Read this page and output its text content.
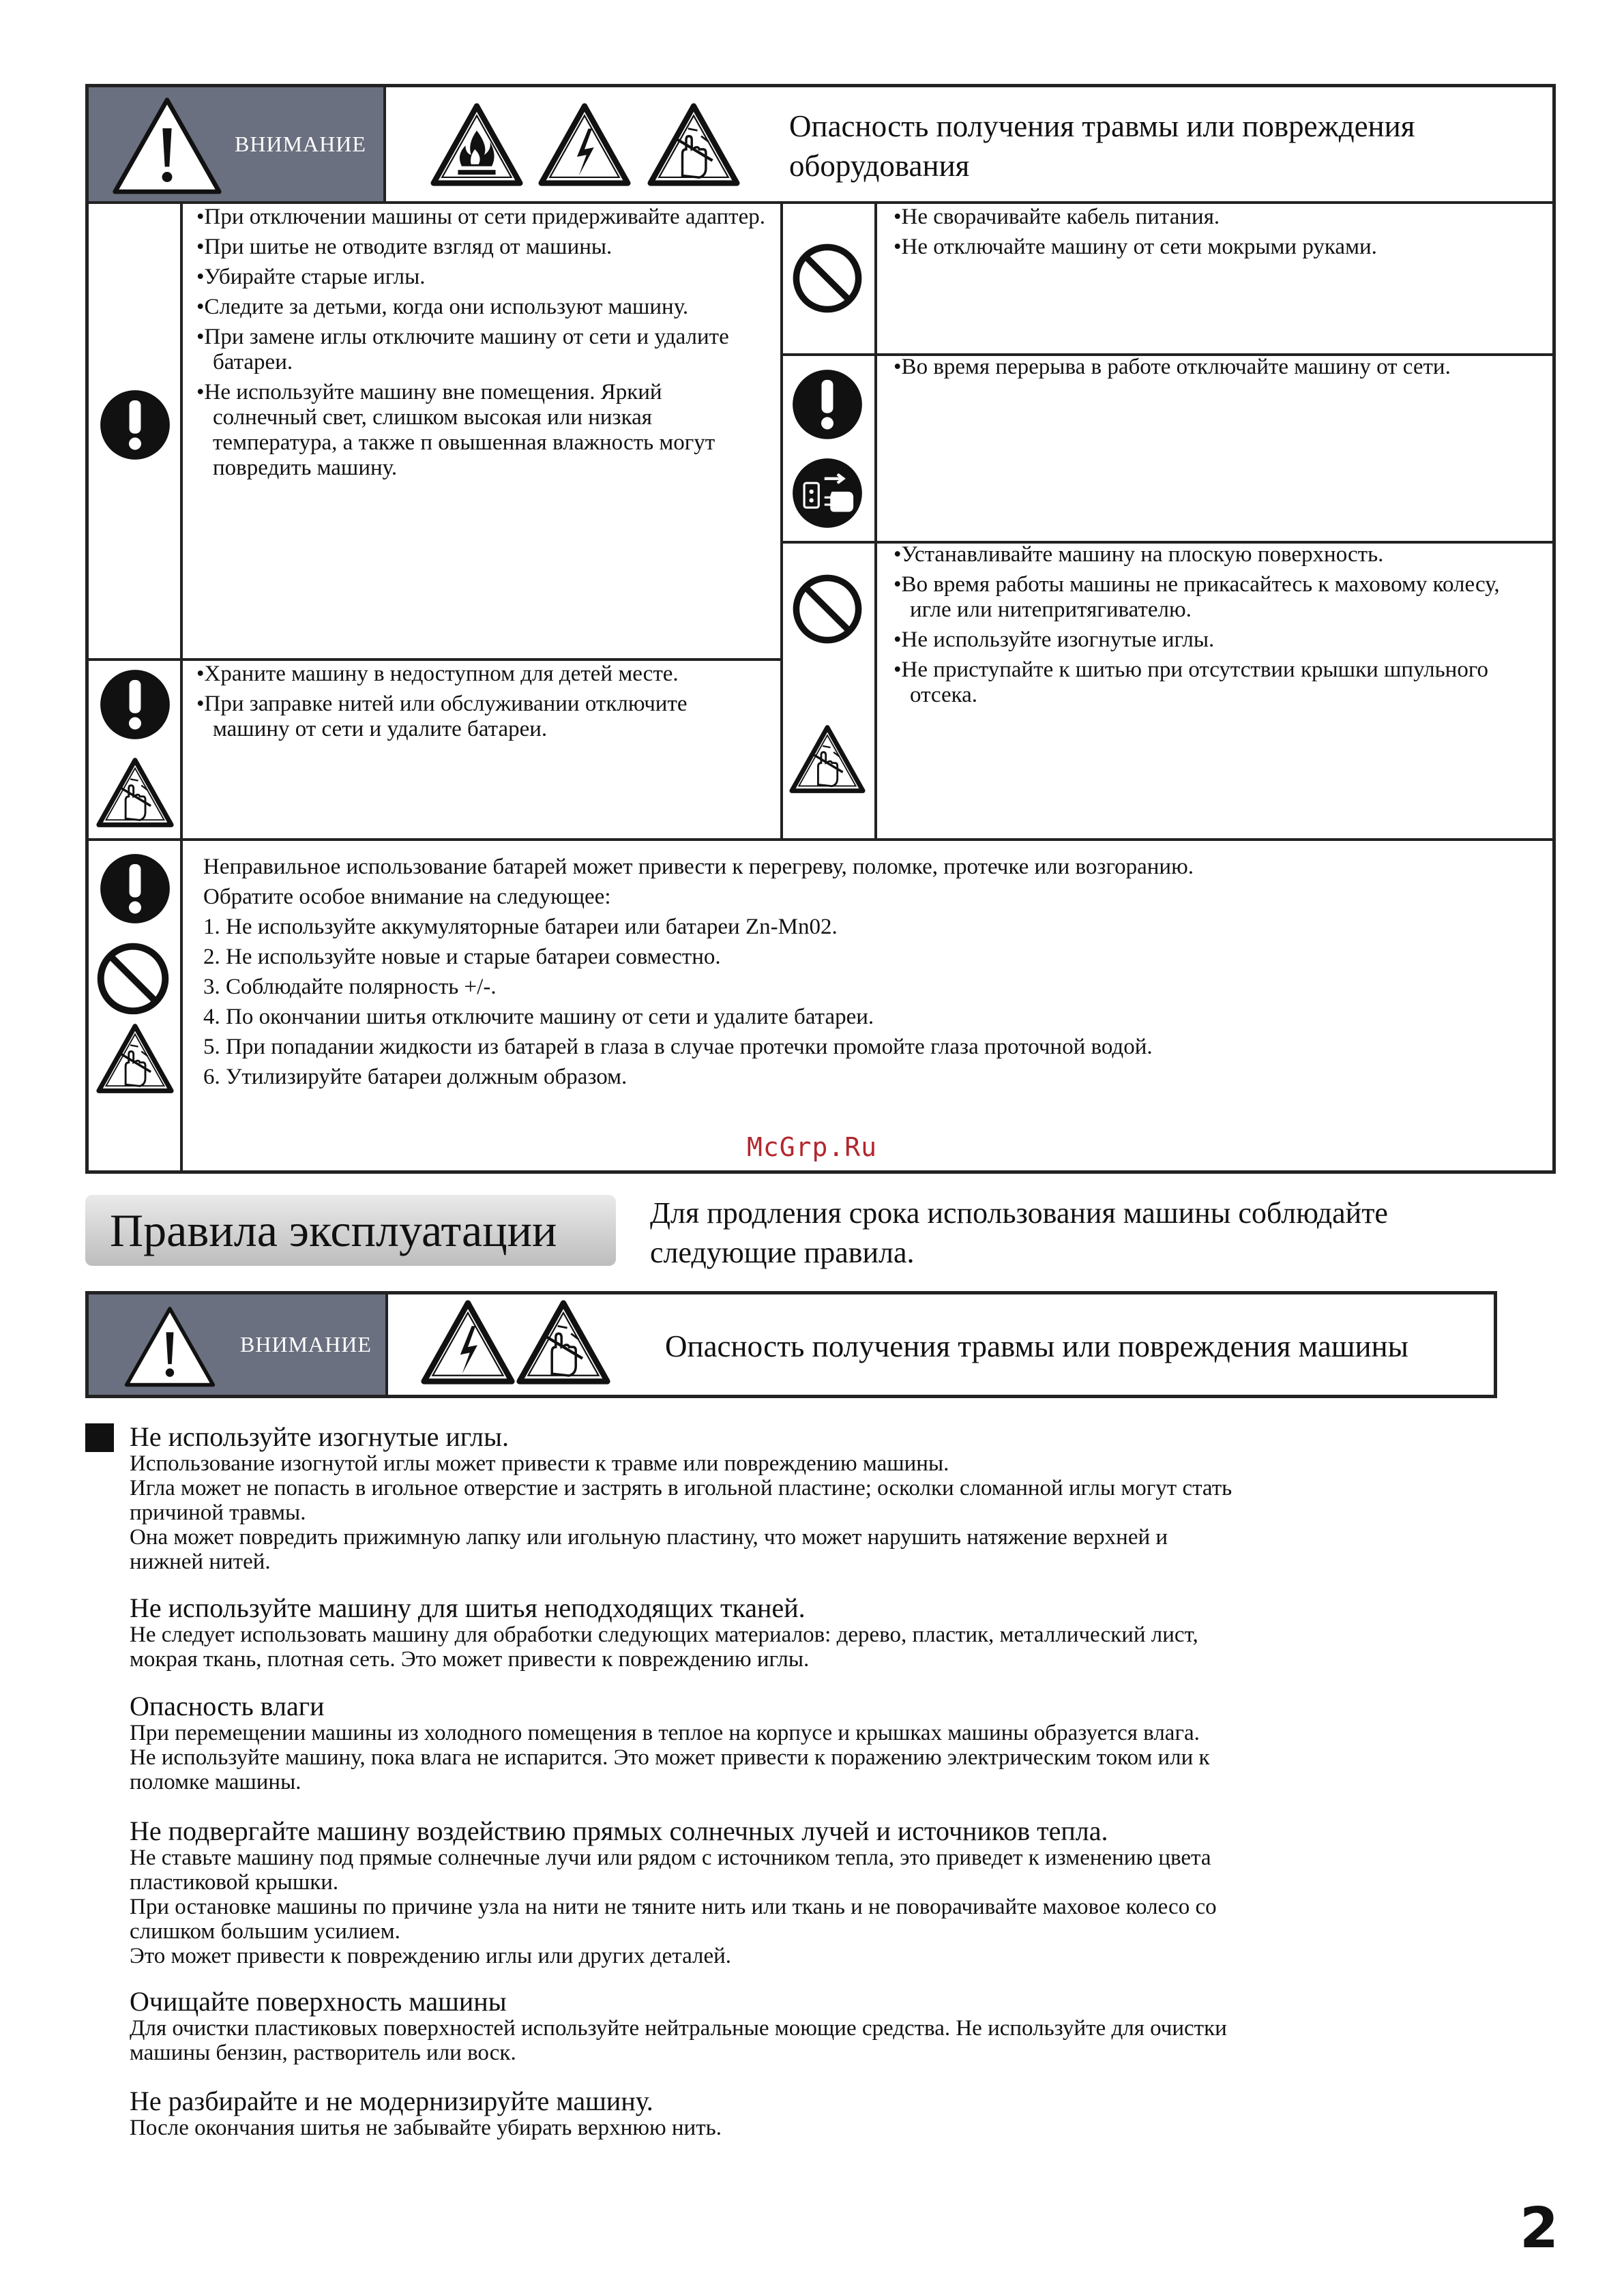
ВНИМАНИЕ
Опасность получения травмы или повреждения
оборудования
•При отключении машины от сети придерживайте адаптер.
•При шитье не отводите взгляд от машины.
•Убирайте старые иглы.
•Следите за детьми, когда они используют машину.
•При замене иглы отключите машину от сети и удалите батареи.
•Не используйте машину вне помещения. Яркий солнечный свет, слишком высокая или низкая температура, а также п овышенная влажность могут повредить машину.
•Храните машину в недоступном для детей месте.
•При заправке нитей или обслуживании отключите машину от сети и удалите батареи.
•Не сворачивайте кабель питания.
•Не отключайте машину от сети мокрыми руками.
•Во время перерыва в работе отключайте машину от сети.
•Устанавливайте машину на плоскую поверхность.
•Во время работы машины не прикасайтесь к маховому колесу, игле или нитепритягивателю.
•Не используйте изогнутые иглы.
•Не приступайте к шитью при отсутствии крышки шпульного отсека.
Неправильное использование батарей может привести к перегреву, поломке, протечке или возгоранию.
Обратите особое внимание на следующее:
1. Не используйте аккумуляторные батареи или батареи Zn-Mn02.
2. Не используйте новые и старые батареи совместно.
3. Соблюдайте полярность +/-.
4. По окончании шитья отключите машину от сети и удалите батареи.
5. При попадании жидкости из батарей в глаза в случае протечки промойте глаза проточной водой.
6. Утилизируйте батареи должным образом.
McGrp.Ru
Правила эксплуатации	Для продления срока использования машины соблюдайте
следующие правила.
ВНИМАНИЕ	Опасность получения травмы или повреждения машины
Не используйте изогнутые иглы.
Использование изогнутой иглы может привести к травме или повреждению машины.
Игла может не попасть в игольное отверстие и застрять в игольной пластине; осколки сломанной иглы могут стать
причиной травмы.
Она может повредить прижимную лапку или игольную пластину, что может нарушить натяжение верхней и
нижней нитей.
Не используйте машину для шитья неподходящих тканей.
Не следует использовать машину для обработки следующих материалов: дерево, пластик, металлический лист,
мокрая ткань, плотная сеть. Это может привести к повреждению иглы.
Опасность влаги
При перемещении машины из холодного помещения в теплое на корпусе и крышках машины образуется влага.
Не используйте машину, пока влага не испарится. Это может привести к поражению электрическим током или к
поломке машины.
Не подвергайте машину воздействию прямых солнечных лучей и источников тепла.
Не ставьте машину под прямые солнечные лучи или рядом с источником тепла, это приведет к изменению цвета
пластиковой крышки.
При остановке машины по причине узла на нити не тяните нить или ткань и не поворачивайте маховое колесо со
слишком большим усилием.
Это может привести к повреждению иглы или других деталей.
Очищайте поверхность машины
Для очистки пластиковых поверхностей используйте нейтральные моющие средства. Не используйте для очистки
машины бензин, растворитель или воск.
Не разбирайте и не модернизируйте машину.
После окончания шитья не забывайте убирать верхнюю нить.
2
